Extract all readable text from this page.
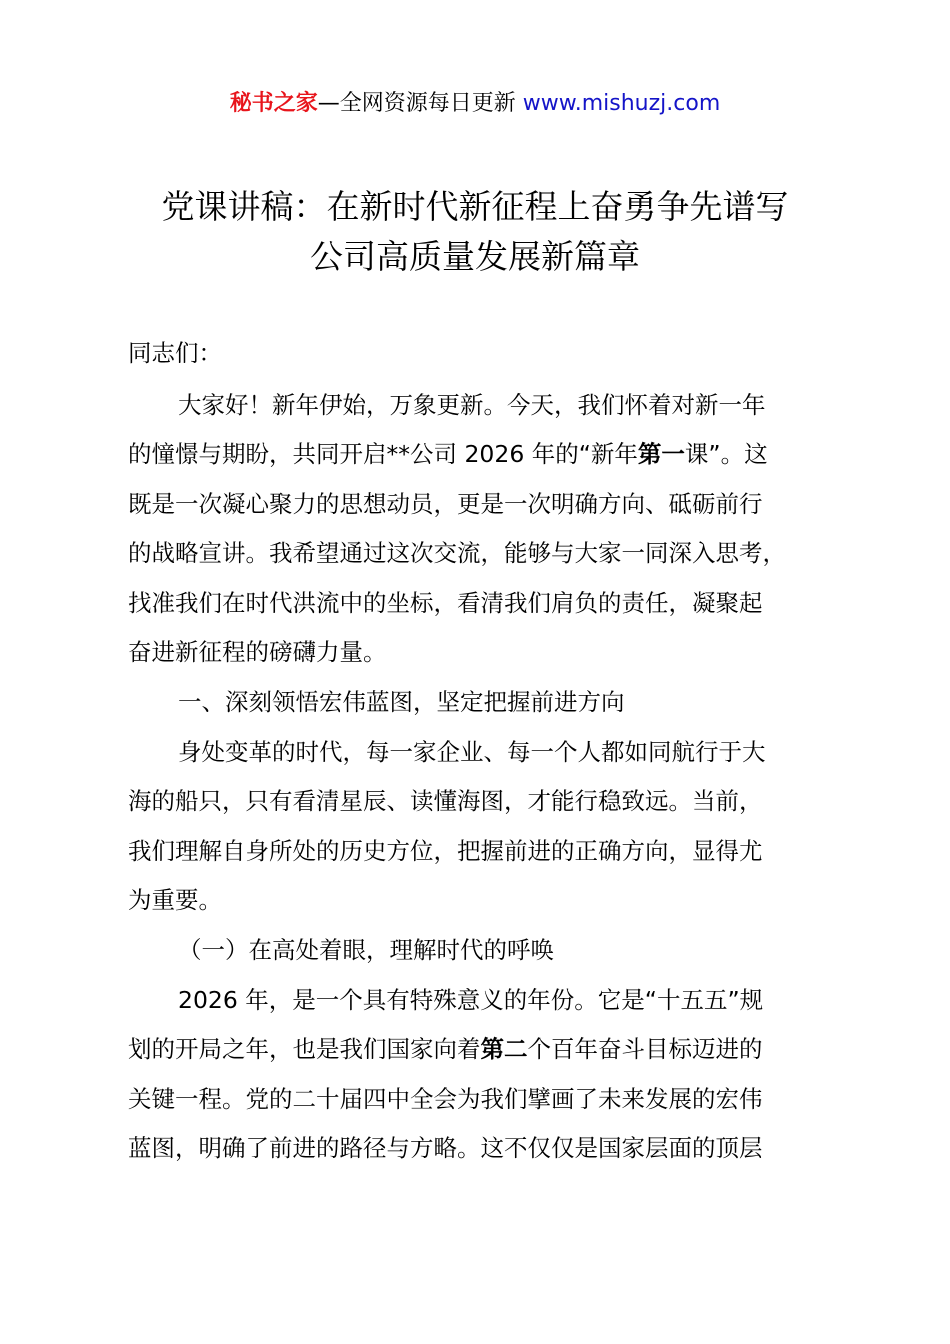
秘书之家—全网资源每日更新 www.mishuzj.com
党课讲稿：在新时代新征程上奋勇争先谱写
公司高质量发展新篇章
同志们：
大家好！新年伊始，万象更新。今天，我们怀着对新一年
的憧憬与期盼，共同开启**公司 2026 年的“新年第一课”。这
既是一次凝心聚力的思想动员，更是一次明确方向、砥砺前行
的战略宣讲。我希望通过这次交流，能够与大家一同深入思考，
找准我们在时代洪流中的坐标，看清我们肩负的责任，凝聚起
奋进新征程的磅礴力量。
一、深刻领悟宏伟蓝图，坚定把握前进方向
身处变革的时代，每一家企业、每一个人都如同航行于大
海的船只，只有看清星辰、读懂海图，才能行稳致远。当前，
我们理解自身所处的历史方位，把握前进的正确方向，显得尤
为重要。
（一）在高处着眼，理解时代的呼唤
2026 年，是一个具有特殊意义的年份。它是“十五五”规
划的开局之年，也是我们国家向着第二个百年奋斗目标迈进的
关键一程。党的二十届四中全会为我们擘画了未来发展的宏伟
蓝图，明确了前进的路径与方略。这不仅仅是国家层面的顶层
